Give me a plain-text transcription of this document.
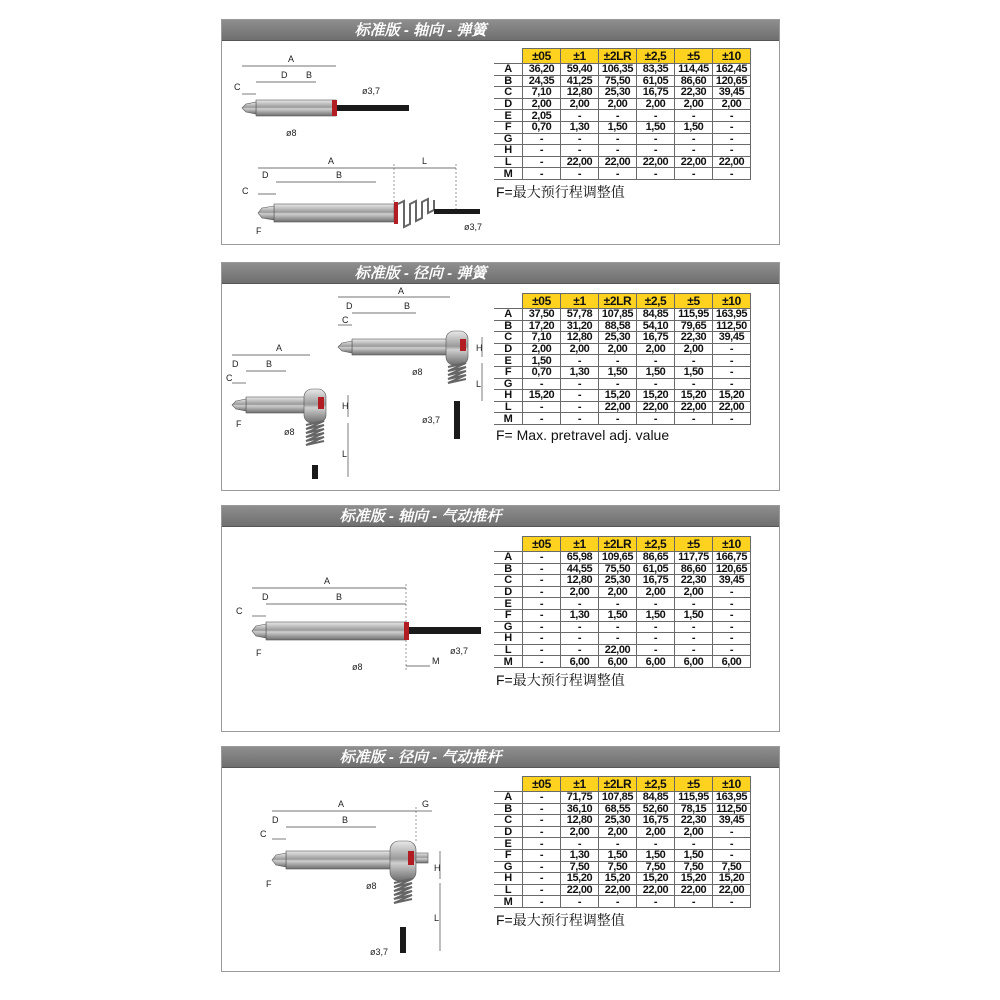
标准版 - 轴向 - 弹簧
A
D B
C
ø8
ø3,7
A	L
D	B
C
F	ø3,7
	±05	±1	±2LR	±2,5	±5	±10
A	36,20	59,40	106,35	83,35	114,45	162,45
B	24,35	41,25	75,50	61,05	86,60	120,65
C	7,10	12,80	25,30	16,75	22,30	39,45
D	2,00	2,00	2,00	2,00	2,00	2,00
E	2,05	-	-	-	-	-
F	0,70	1,30	1,50	1,50	1,50	-
G	-	-	-	-	-	-
H	-	-	-	-	-	-
L	-	22,00	22,00	22,00	22,00	22,00
M	-	-	-	-	-	-
F=最大预行程调整值
标准版 - 径向 - 弹簧
A
D	B
C
H
L
ø8
ø3,7
A
D	B
C
F
H
L
ø8
	±05	±1	±2LR	±2,5	±5	±10
A	37,50	57,78	107,85	84,85	115,95	163,95
B	17,20	31,20	88,58	54,10	79,65	112,50
C	7,10	12,80	25,30	16,75	22,30	39,45
D	2,00	2,00	2,00	2,00	2,00	-
E	1,50	-	-	-	-	-
F	0,70	1,30	1,50	1,50	1,50	-
G	-	-	-	-	-	-
H	15,20	-	15,20	15,20	15,20	15,20
L	-	-	22,00	22,00	22,00	22,00
M	-	-	-	-	-	-
F= Max. pretravel adj. value
标准版 - 轴向 - 气动推杆
A
D	B
C
F
ø8
M
ø3,7
	±05	±1	±2LR	±2,5	±5	±10
A	-	65,98	109,65	86,65	117,75	166,75
B	-	44,55	75,50	61,05	86,60	120,65
C	-	12,80	25,30	16,75	22,30	39,45
D	-	2,00	2,00	2,00	2,00	-
E	-	-	-	-	-	-
F	-	1,30	1,50	1,50	1,50	-
G	-	-	-	-	-	-
H	-	-	-	-	-	-
L	-	-	22,00	-	-	-
M	-	6,00	6,00	6,00	6,00	6,00
F=最大预行程调整值
标准版 - 径向 - 气动推杆
A	G
D	B
C
F
H
L
ø8
ø3,7
	±05	±1	±2LR	±2,5	±5	±10
A	-	71,75	107,85	84,85	115,95	163,95
B	-	36,10	68,55	52,60	78,15	112,50
C	-	12,80	25,30	16,75	22,30	39,45
D	-	2,00	2,00	2,00	2,00	-
E	-	-	-	-	-	-
F	-	1,30	1,50	1,50	1,50	-
G	-	7,50	7,50	7,50	7,50	7,50
H	-	15,20	15,20	15,20	15,20	15,20
L	-	22,00	22,00	22,00	22,00	22,00
M	-	-	-	-	-	-
F=最大预行程调整值
